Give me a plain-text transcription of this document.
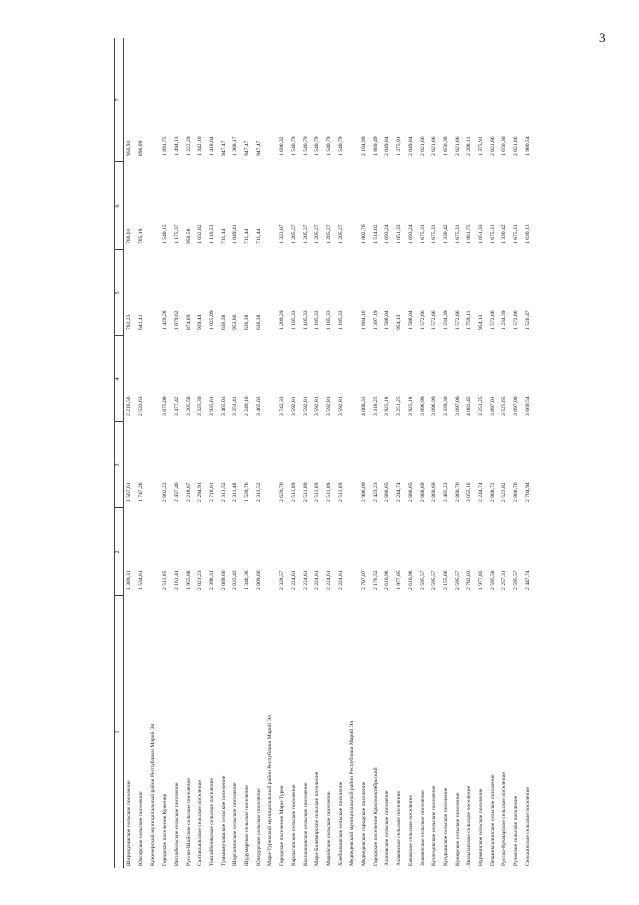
3
1
2
3
4
5
6
7
Ширикуншское сельское поселение
1 389,31
1 567,61
2 216,56
702,23
766,01
956,91
Юксарское сельское поселение
1 534,61
1 747,26
2 533,63
641,41
705,19
896,09
Куженерский муниципальный район Республики Марий Эл Городское поселение Куженер
2 511,05
2 802,22
3 875,00
1 429,28
1 540,15
1 891,75
Ивгнабельское сельское поселение
2 161,41
2 437,46
3 477,42
1 079,62
1 175,37
1 494,13
Русско-Шойское сельское поселение
1 955,88
2 218,67
3 205,58
874,09
956,58
1 222,29
Салтакъяльское сельское поселение
2 021,23
2 294,91
3 325,39
939,44
1 032,82
1 342,10
Токтайбелякское сельское поселение
2 398,31
2 718,61
3 935,61
1 025,09
1 116,53
1 418,04
Тумьюмучашское сельское поселение
2 009,60
2 313,52
3 465,03
636,38
711,44
947,47
Шорсолинское сельское поселение
2 035,43
2 311,48
3 351,41
953,66
1 049,41
1 368,17
Шудумарское сельское поселение
1 346,36
1 539,76
2 249,10
636,38
711,44
947,47
Юледурское сельское поселение
2 009,60
2 313,52
3 465,03
636,38
711,44
947,47
Мари-Турекский муниципальный район Республики Марий Эл Городское поселение Мари-Турек
2 328,57
2 629,70
3 742,33
1 209,29
1 323,87
1 690,32
Карлыганское сельское поселение
2 224,61
2 511,09
3 592,81
1 105,33
1 205,27
1 540,79
Косолаповское сельское поселение
2 224,61
2 511,09
3 592,81
1 105,33
1 205,27
1 540,79
Мари-Биляморское сельское поселение
2 224,61
2 511,09
3 592,81
1 105,33
1 205,27
1 540,79
Марийское сельское поселение
2 224,61
2 511,09
3 592,81
1 105,33
1 205,27
1 540,79
Хлебниковское сельское поселение
2 224,61
2 511,09
3 592,81
1 105,33
1 205,27
1 540,79
Медведевский муниципальный район Республики Марий Эл Медведевское городское поселение
2 707,07
2 996,09
4 060,33
1 684,16
1 802,70
2 184,99
Городское поселение Краснооктябрьский
2 176,52
2 423,23
3 318,25
1 397,19
1 514,02
1 889,49
Азановское сельское поселение
2 610,96
2 886,65
3 925,18
1 588,04
1 693,24
2 049,84
Азаковское сельское поселение
1 977,05
2 244,74
3 251,25
954,13
1 051,33
1 375,91
Ежовское сельское поселение
2 610,96
2 886,65
3 925,18
1 588,04
1 693,24
2 049,84
Знаменское сельское поселение
2 595,57
2 868,69
3 896,99
1 572,66
1 675,31
2 021,66
Кузнецовское сельское поселение
2 595,57
2 868,69
3 896,99
1 572,66
1 675,31
2 021,66
Кундышское сельское поселение
2 155,66
2 405,23
3 339,30
1 234,39
1 330,42
1 650,30
Кужерское сельское поселение
2 595,57
2 868,70
3 897,00
1 572,66
1 675,31
2 021,66
Люльпанское сельское поселение
2 782,03
3 055,16
4 083,45
1 759,11
1 861,75
2 208,11
Нурминское сельское поселение
1 977,05
2 244,74
3 251,25
954,13
1 051,33
1 375,91
Пекшиксолинское сельское поселение
2 595,58
2 868,72
3 897,01
1 572,66
1 675,31
2 021,66
Русско-Кукмарское сельское поселение
2 257,31
2 523,82
3 525,65
1 234,39
1 330,42
1 650,30
Руэмское сельское поселение
2 595,57
2 868,70
3 897,00
1 572,66
1 675,31
2 021,66
Сенькинское сельское поселение
2 447,74
2 704,94
3 669,54
1 526,47
1 630,13
1 980,54
